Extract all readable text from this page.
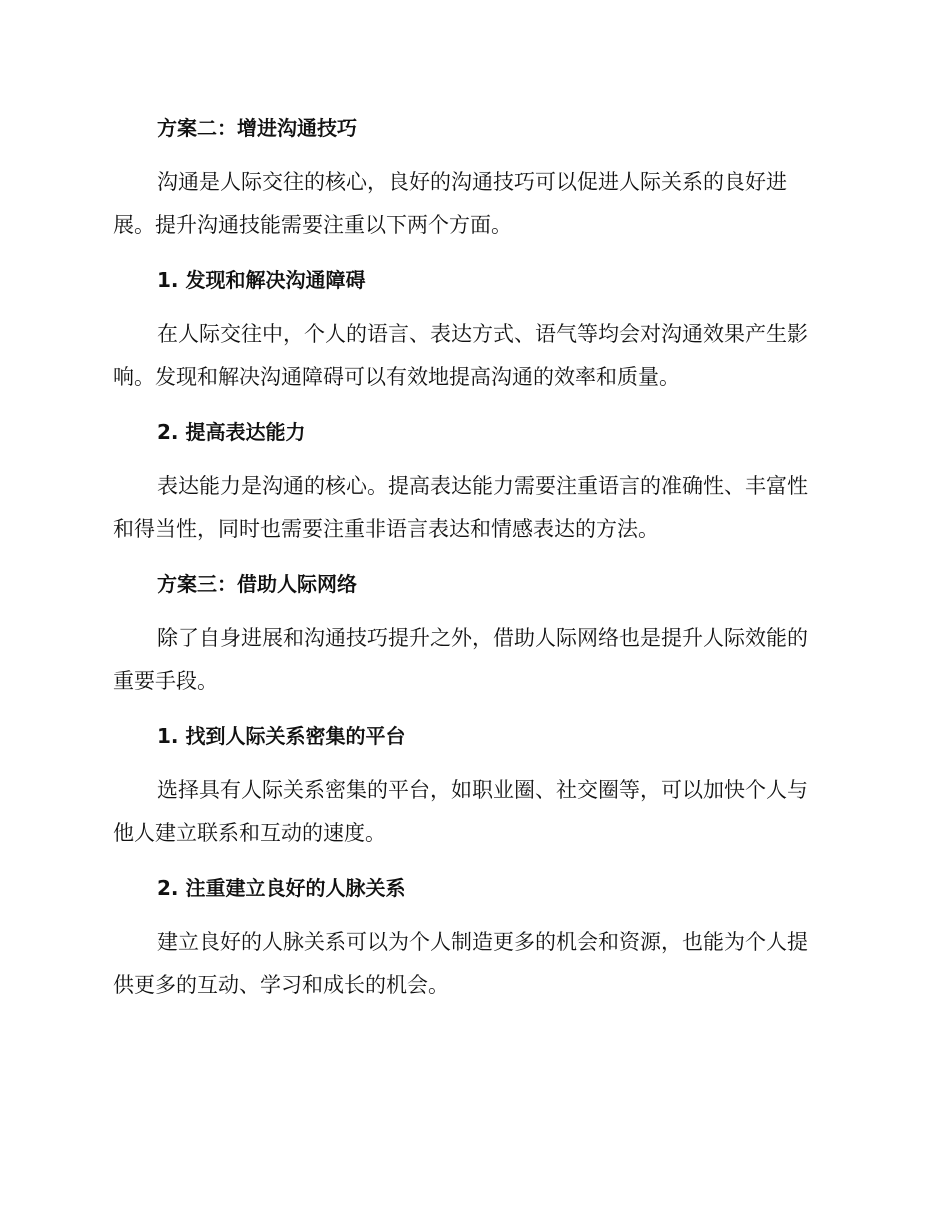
方案二：增进沟通技巧
沟通是人际交往的核心，良好的沟通技巧可以促进人际关系的良好进
展。提升沟通技能需要注重以下两个方面。
1. 发现和解决沟通障碍
在人际交往中，个人的语言、表达方式、语气等均会对沟通效果产生影
响。发现和解决沟通障碍可以有效地提高沟通的效率和质量。
2. 提高表达能力
表达能力是沟通的核心。提高表达能力需要注重语言的准确性、丰富性
和得当性，同时也需要注重非语言表达和情感表达的方法。
方案三：借助人际网络
除了自身进展和沟通技巧提升之外，借助人际网络也是提升人际效能的
重要手段。
1. 找到人际关系密集的平台
选择具有人际关系密集的平台，如职业圈、社交圈等，可以加快个人与
他人建立联系和互动的速度。
2. 注重建立良好的人脉关系
建立良好的人脉关系可以为个人制造更多的机会和资源，也能为个人提
供更多的互动、学习和成长的机会。
